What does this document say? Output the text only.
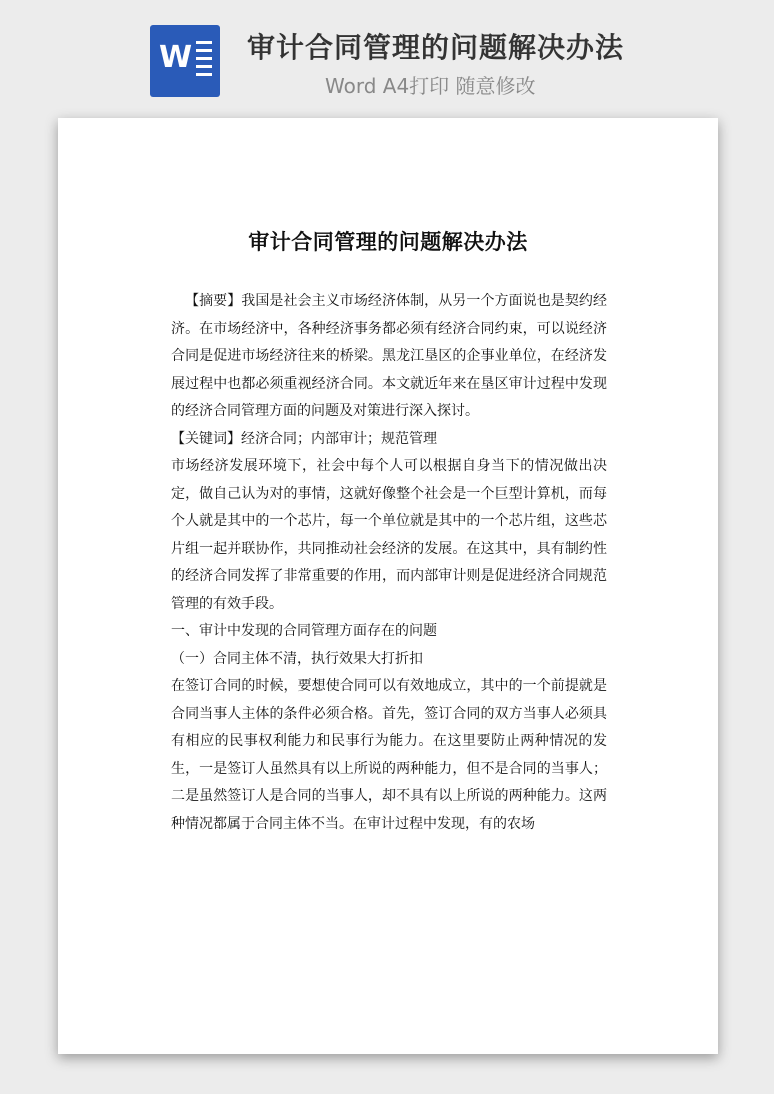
W 审计合同管理的问题解决办法
Word A4打印 随意修改
审计合同管理的问题解决办法

【摘要】我国是社会主义市场经济体制，从另一个方面说也是契约经济。在市场经济中，各种经济事务都必须有经济合同约束，可以说经济合同是促进市场经济往来的桥梁。黑龙江垦区的企事业单位，在经济发展过程中也都必须重视经济合同。本文就近年来在垦区审计过程中发现的经济合同管理方面的问题及对策进行深入探讨。

【关键词】经济合同；内部审计；规范管理

市场经济发展环境下，社会中每个人可以根据自身当下的情况做出决定，做自己认为对的事情，这就好像整个社会是一个巨型计算机，而每个人就是其中的一个芯片，每一个单位就是其中的一个芯片组，这些芯片组一起并联协作，共同推动社会经济的发展。在这其中，具有制约性的经济合同发挥了非常重要的作用，而内部审计则是促进经济合同规范管理的有效手段。

一、审计中发现的合同管理方面存在的问题

（一）合同主体不清，执行效果大打折扣

在签订合同的时候，要想使合同可以有效地成立，其中的一个前提就是合同当事人主体的条件必须合格。首先，签订合同的双方当事人必须具有相应的民事权利能力和民事行为能力。在这里要防止两种情况的发生，一是签订人虽然具有以上所说的两种能力，但不是合同的当事人；二是虽然签订人是合同的当事人，却不具有以上所说的两种能力。这两种情况都属于合同主体不当。在审计过程中发现，有的农场
